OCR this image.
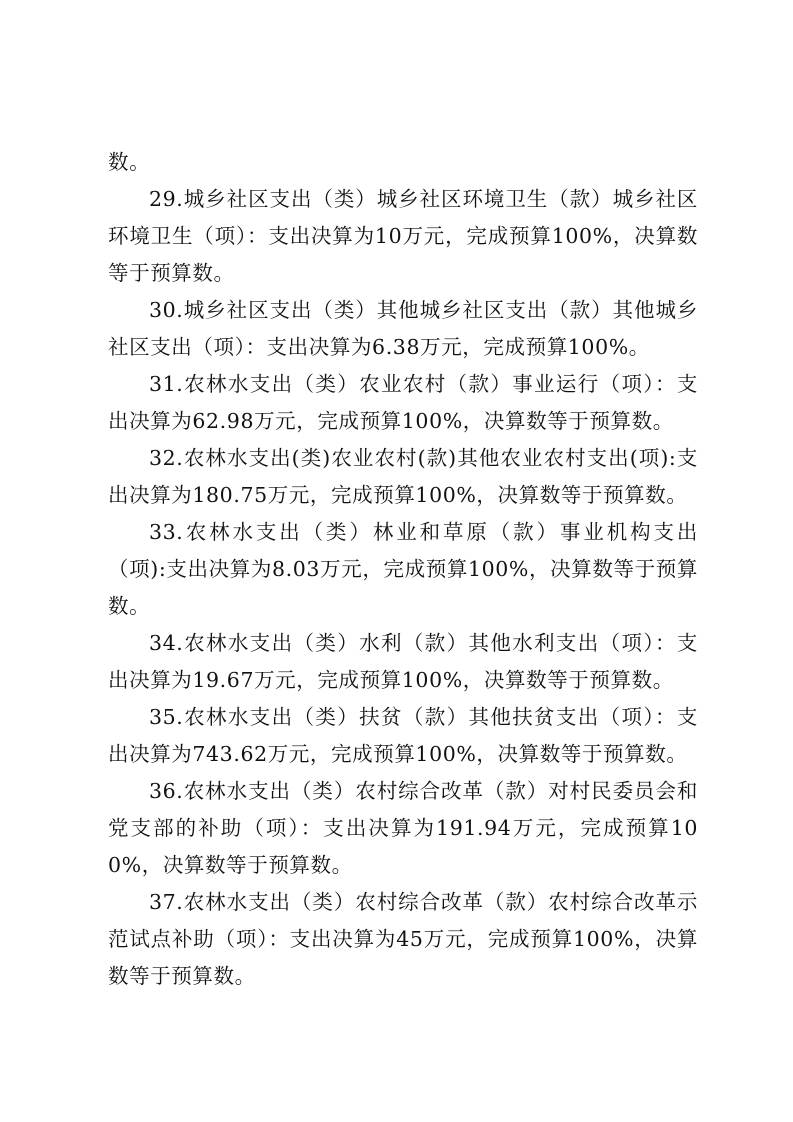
数。

29.城乡社区支出（类）城乡社区环境卫生（款）城乡社区环境卫生（项）：支出决算为10万元，完成预算100%，决算数等于预算数。

30.城乡社区支出（类）其他城乡社区支出（款）其他城乡社区支出（项）：支出决算为6.38万元，完成预算100%。

31.农林水支出（类）农业农村（款）事业运行（项）：支出决算为62.98万元，完成预算100%，决算数等于预算数。

32.农林水支出(类)农业农村(款)其他农业农村支出(项):支出决算为180.75万元，完成预算100%，决算数等于预算数。

33.农林水支出（类）林业和草原（款）事业机构支出（项):支出决算为8.03万元，完成预算100%，决算数等于预算数。

34.农林水支出（类）水利（款）其他水利支出（项）：支出决算为19.67万元，完成预算100%，决算数等于预算数。

35.农林水支出（类）扶贫（款）其他扶贫支出（项）：支出决算为743.62万元，完成预算100%，决算数等于预算数。

36.农林水支出（类）农村综合改革（款）对村民委员会和党支部的补助（项）：支出决算为191.94万元，完成预算100%，决算数等于预算数。

37.农林水支出（类）农村综合改革（款）农村综合改革示范试点补助（项）：支出决算为45万元，完成预算100%，决算数等于预算数。
